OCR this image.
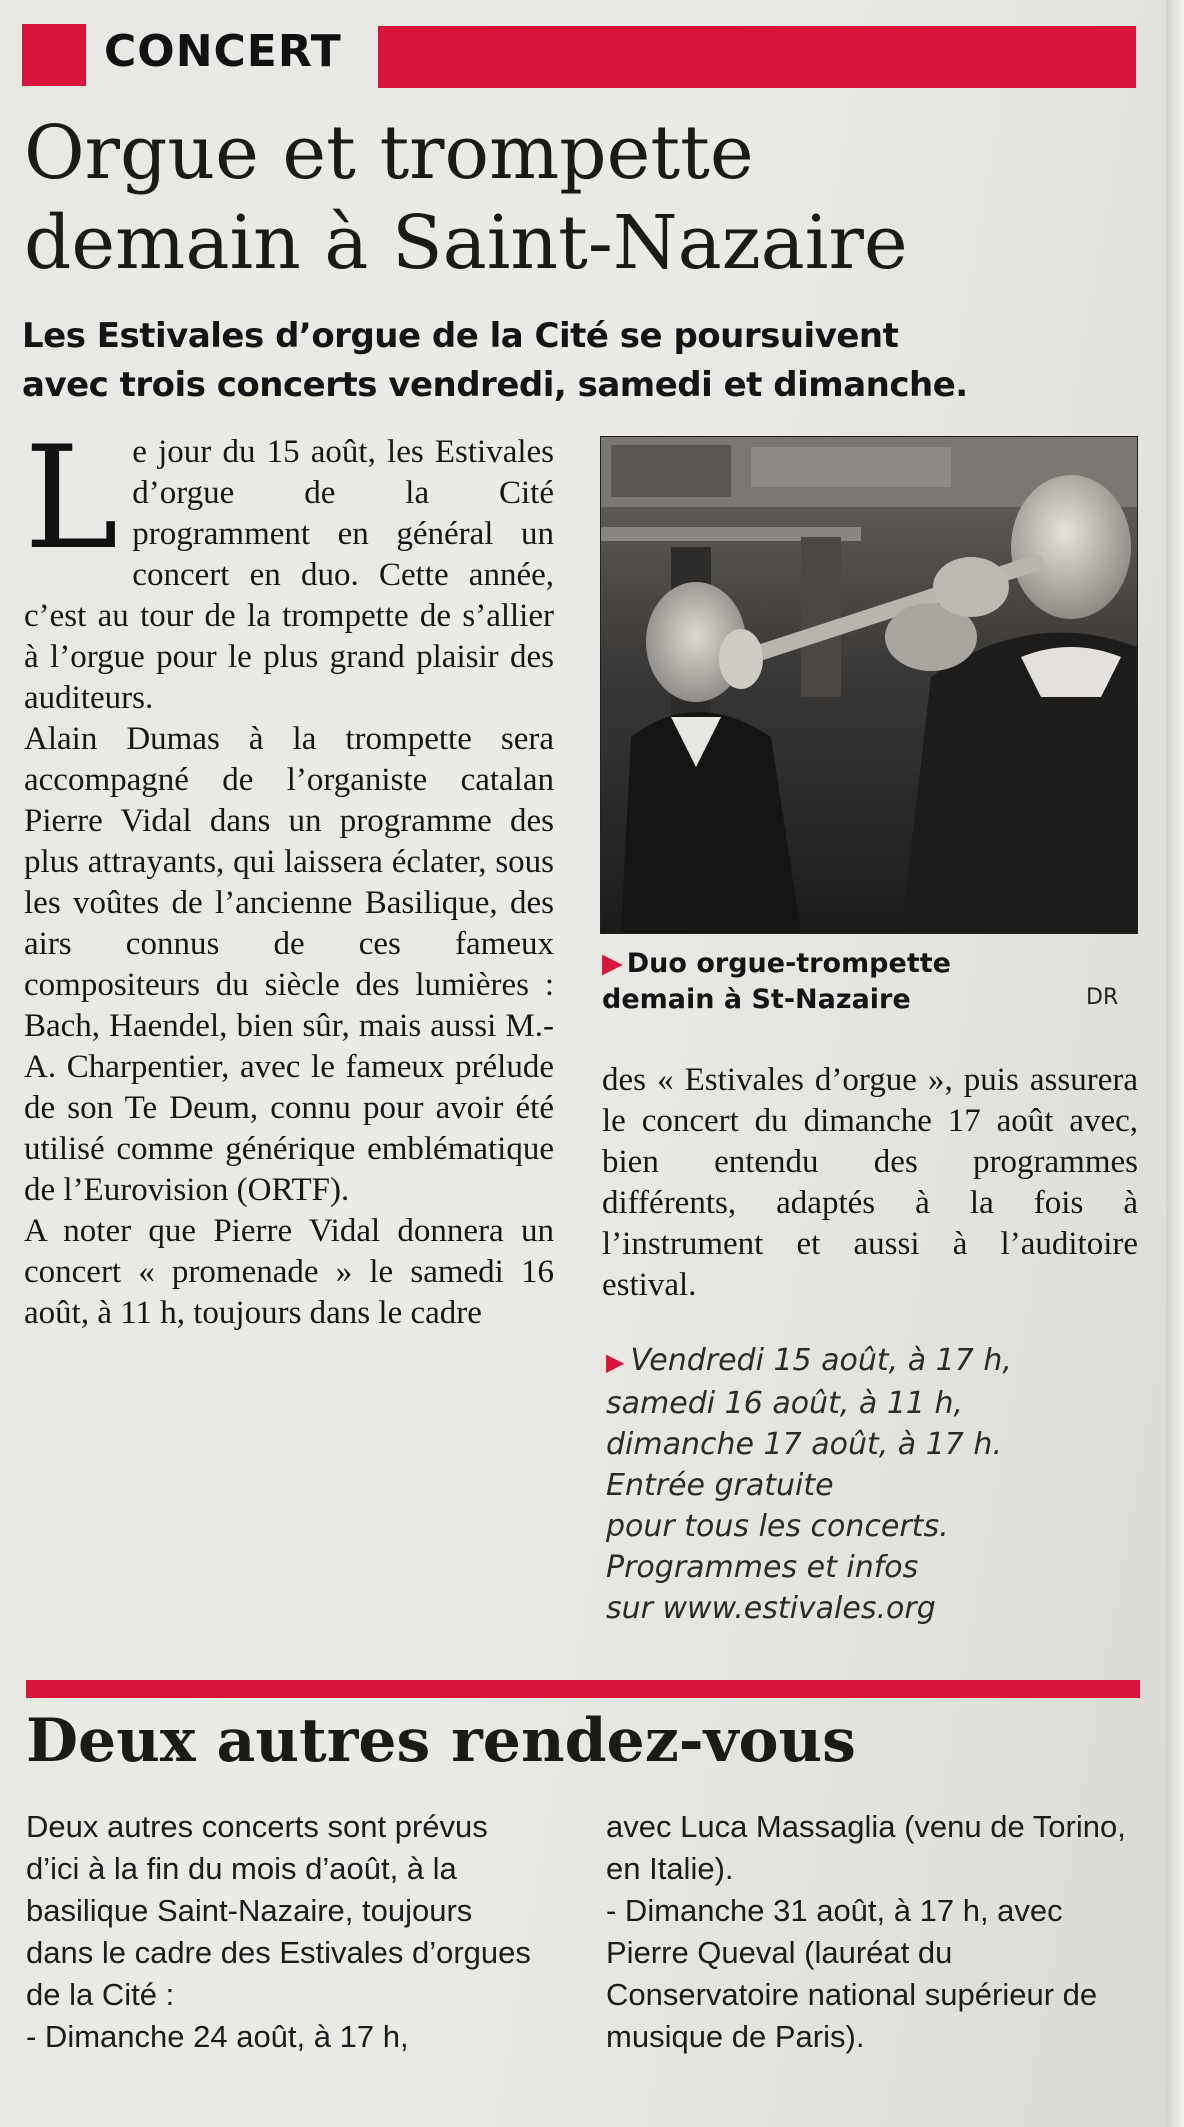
CONCERT
Orgue et trompette
demain à Saint-Nazaire
Les Estivales d’orgue de la Cité se poursuivent
avec trois concerts vendredi, samedi et dimanche.

Le jour du 15 août, les Estivales d’orgue de la Cité programment en général un concert en duo. Cette année, c’est au tour de la trompette de s’allier à l’orgue pour le plus grand plaisir des auditeurs.

Alain Dumas à la trompette sera accompagné de l’organiste catalan Pierre Vidal dans un programme des plus attrayants, qui laissera éclater, sous les voûtes de l’ancienne Basilique, des airs connus de ces fameux compositeurs du siècle des lumières : Bach, Haendel, bien sûr, mais aussi M.-A. Charpentier, avec le fameux prélude de son Te Deum, connu pour avoir été utilisé comme générique emblématique de l’Eurovision (ORTF).

A noter que Pierre Vidal donnera un concert « promenade » le samedi 16 août, à 11 h, toujours dans le cadre

▶ Duo orgue-trompette
demain à St-Nazaire	DR

des « Estivales d’orgue », puis assurera le concert du dimanche 17 août avec, bien entendu des programmes différents, adaptés à la fois à l’instrument et aussi à l’auditoire estival.

▶ Vendredi 15 août, à 17 h,

samedi 16 août, à 11 h,

dimanche 17 août, à 17 h.

Entrée gratuite

pour tous les concerts.

Programmes et infos

sur www.estivales.org

Deux autres rendez-vous

Deux autres concerts sont prévus d’ici à la fin du mois d’août, à la basilique Saint-Nazaire, toujours dans le cadre des Estivales d’orgues de la Cité :

- Dimanche 24 août, à 17 h,

avec Luca Massaglia (venu de Torino, en Italie).

- Dimanche 31 août, à 17 h, avec Pierre Queval (lauréat du Conservatoire national supérieur de musique de Paris).
